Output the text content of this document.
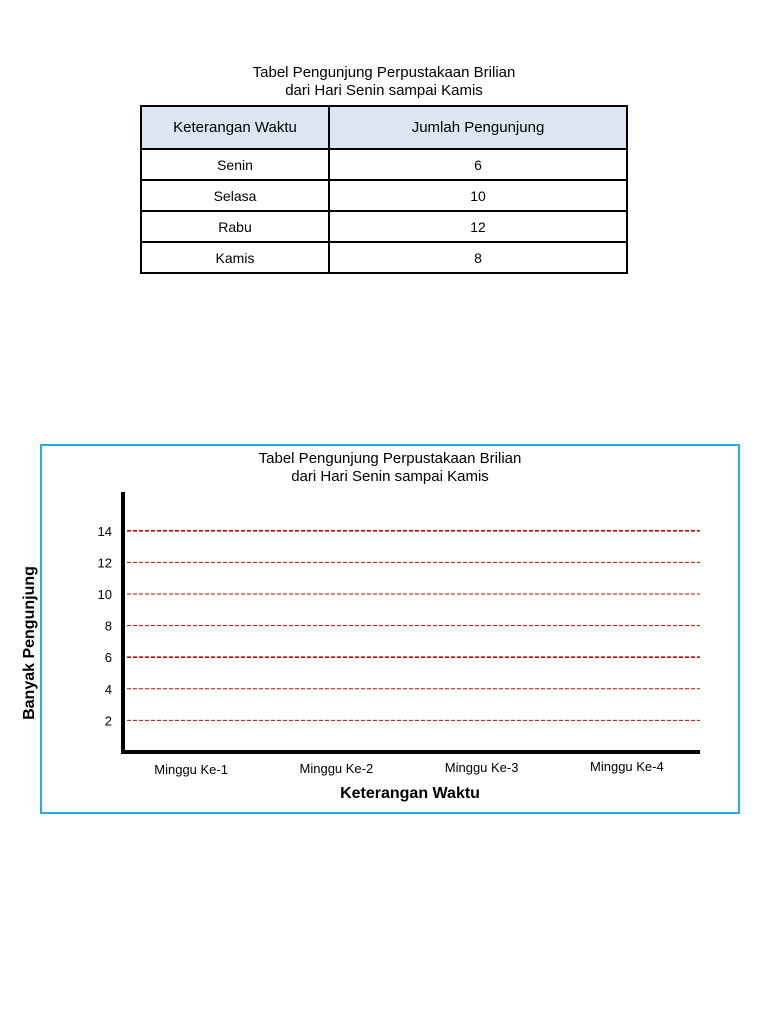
Tabel Pengunjung Perpustakaan Brilian
dari Hari Senin sampai Kamis
Keterangan Waktu	Jumlah Pengunjung
Senin	6
Selasa	10
Rabu	12
Kamis	8
Tabel Pengunjung Perpustakaan Brilian
dari Hari Senin sampai Kamis
2
4
6
8
10
12
14
Minggu Ke-1	Minggu Ke-2	Minggu Ke-3	Minggu Ke-4
Banyak Pengunjung
Keterangan Waktu
